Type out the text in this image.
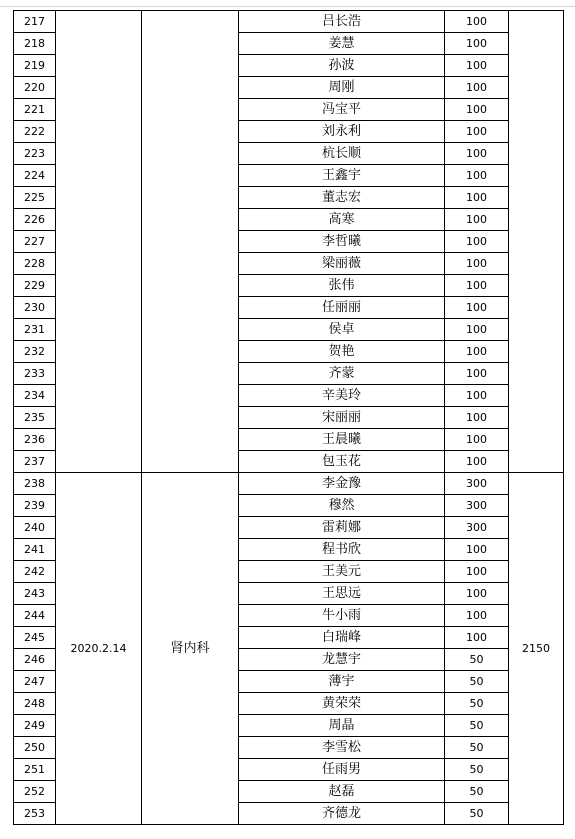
217			吕长浩	100	
218			姜慧	100	
219			孙波	100	
220			周刚	100	
221			冯宝平	100	
222			刘永利	100	
223			杭长顺	100	
224			王鑫宇	100	
225			董志宏	100	
226			高寒	100	
227			李哲曦	100	
228			梁丽薇	100	
229			张伟	100	
230			任丽丽	100	
231			侯卓	100	
232			贺艳	100	
233			齐蒙	100	
234			辛美玲	100	
235			宋丽丽	100	
236			王晨曦	100	
237			包玉花	100	
238	2020.2.14	肾内科	李金豫	300	2150
239			穆然	300	
240			雷莉娜	300	
241			程书欣	100	
242			王美元	100	
243			王思远	100	
244			牛小雨	100	
245			白瑞峰	100	
246			龙慧宇	50	
247			薄宇	50	
248			黄荣荣	50	
249			周晶	50	
250			李雪松	50	
251			任雨男	50	
252			赵磊	50	
253			齐德龙	50	
